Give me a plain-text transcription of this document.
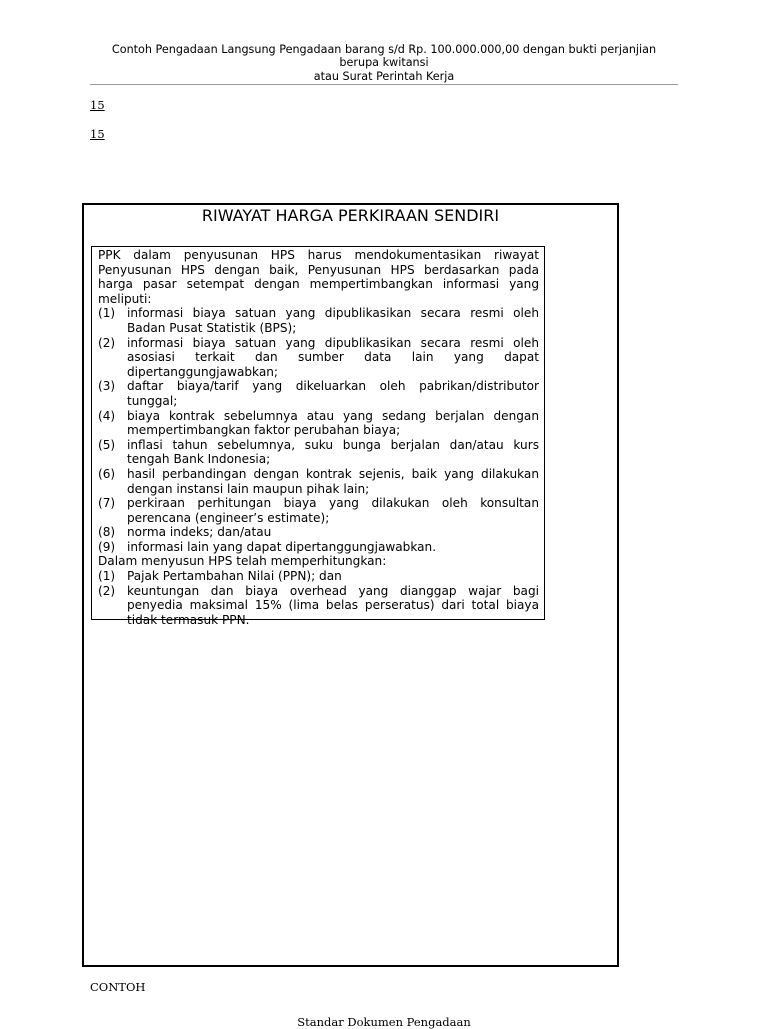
Contoh Pengadaan Langsung Pengadaan barang s/d Rp. 100.000.000,00 dengan bukti perjanjian
berupa kwitansi
atau Surat Perintah Kerja
15
15
RIWAYAT HARGA PERKIRAAN SENDIRI
PPK dalam penyusunan HPS harus mendokumentasikan riwayat Penyusunan HPS dengan baik, Penyusunan HPS berdasarkan pada harga pasar setempat dengan mempertimbangkan informasi yang meliputi:
(1) informasi biaya satuan yang dipublikasikan secara resmi oleh Badan Pusat Statistik (BPS);
(2) informasi biaya satuan yang dipublikasikan secara resmi oleh asosiasi terkait dan sumber data lain yang dapat dipertanggungjawabkan;
(3) daftar biaya/tarif yang dikeluarkan oleh pabrikan/distributor tunggal;
(4) biaya kontrak sebelumnya atau yang sedang berjalan dengan mempertimbangkan faktor perubahan biaya;
(5) inflasi tahun sebelumnya, suku bunga berjalan dan/atau kurs tengah Bank Indonesia;
(6) hasil perbandingan dengan kontrak sejenis, baik yang dilakukan dengan instansi lain maupun pihak lain;
(7) perkiraan perhitungan biaya yang dilakukan oleh konsultan perencana (engineer’s estimate);
(8) norma indeks; dan/atau
(9) informasi lain yang dapat dipertanggungjawabkan.
Dalam menyusun HPS telah memperhitungkan:
(1) Pajak Pertambahan Nilai (PPN); dan
(2) keuntungan dan biaya overhead yang dianggap wajar bagi penyedia maksimal 15% (lima belas perseratus) dari total biaya tidak termasuk PPN.
CONTOH
Standar Dokumen Pengadaan
